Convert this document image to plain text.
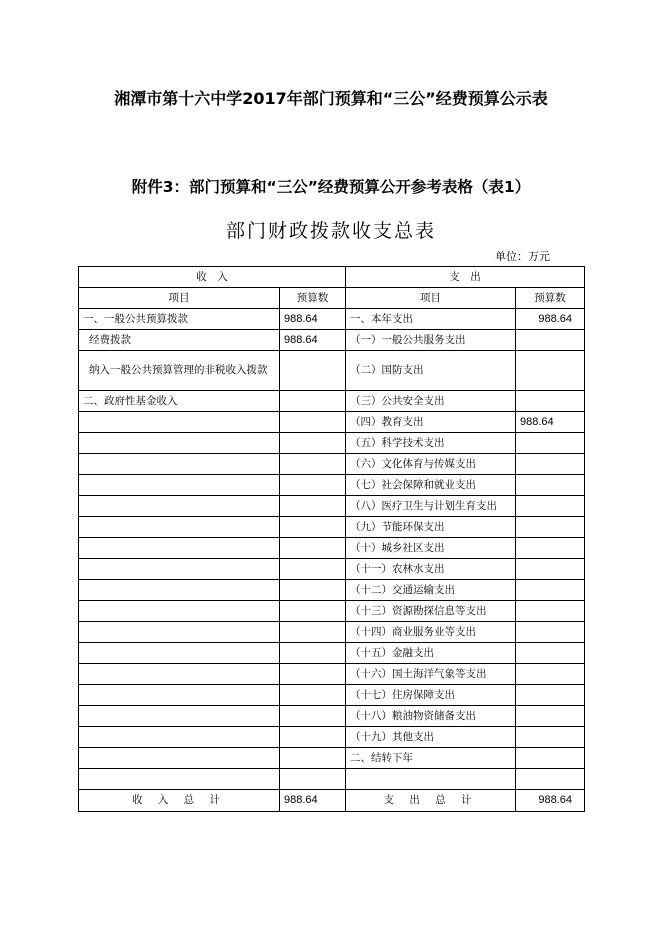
湘潭市第十六中学2017年部门预算和“三公”经费预算公示表
附件3：部门预算和“三公”经费预算公开参考表格（表1）
部门财政拨款收支总表
单位：万元
收　入		支　出	
项目	预算数	项目	预算数
一、一般公共预算拨款	988.64	一、本年支出	988.64
经费拨款	988.64	（一）一般公共服务支出	
纳入一般公共预算管理的非税收入拨款		（二）国防支出	
二、政府性基金收入		（三）公共安全支出	
		（四）教育支出	988.64
		（五）科学技术支出	
		（六）文化体育与传媒支出	
		（七）社会保障和就业支出	
		（八）医疗卫生与计划生育支出	
		（九）节能环保支出	
		（十）城乡社区支出	
		（十一）农林水支出	
		（十二）交通运输支出	
		（十三）资源勘探信息等支出	
		（十四）商业服务业等支出	
		（十五）金融支出	
		（十六）国土海洋气象等支出	
		（十七）住房保障支出	
		（十八）粮油物资储备支出	
		（十九）其他支出	
		二、结转下年	

收 入 总 计	988.64	支 出 总 计	988.64
